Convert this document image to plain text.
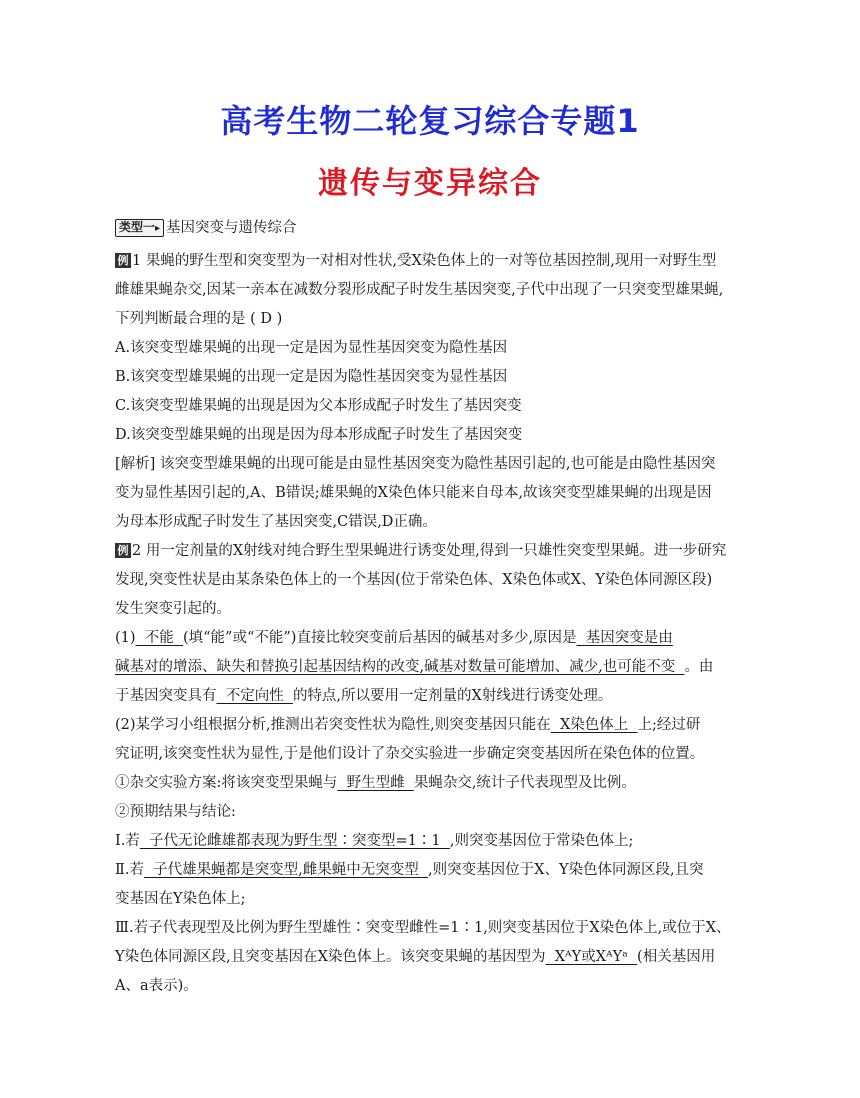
高考生物二轮复习综合专题1
遗传与变异综合
类型一▸ 基因突变与遗传综合
例 1 果蝇的野生型和突变型为一对相对性状,受X染色体上的一对等位基因控制,现用一对野生型
雌雄果蝇杂交,因某一亲本在减数分裂形成配子时发生基因突变,子代中出现了一只突变型雄果蝇,
下列判断最合理的是 ( D )
A.该突变型雄果蝇的出现一定是因为显性基因突变为隐性基因
B.该突变型雄果蝇的出现一定是因为隐性基因突变为显性基因
C.该突变型雄果蝇的出现是因为父本形成配子时发生了基因突变
D.该突变型雄果蝇的出现是因为母本形成配子时发生了基因突变
[解析] 该突变型雄果蝇的出现可能是由显性基因突变为隐性基因引起的,也可能是由隐性基因突
变为显性基因引起的,A、B错误;雄果蝇的X染色体只能来自母本,故该突变型雄果蝇的出现是因
为母本形成配子时发生了基因突变,C错误,D正确。
例 2 用一定剂量的X射线对纯合野生型果蝇进行诱变处理,得到一只雄性突变型果蝇。进一步研究
发现,突变性状是由某条染色体上的一个基因(位于常染色体、X染色体或X、Y染色体同源区段)
发生突变引起的。
(1)  不能  (填“能”或“不能”)直接比较突变前后基因的碱基对多少,原因是  基因突变是由
碱基对的增添、缺失和替换引起基因结构的改变,碱基对数量可能增加、减少,也可能不变  。由
于基因突变具有  不定向性  的特点,所以要用一定剂量的X射线进行诱变处理。
(2)某学习小组根据分析,推测出若突变性状为隐性,则突变基因只能在  X染色体上  上;经过研
究证明,该突变性状为显性,于是他们设计了杂交实验进一步确定突变基因所在染色体的位置。
①杂交实验方案:将该突变型果蝇与  野生型雌  果蝇杂交,统计子代表现型及比例。
②预期结果与结论:
Ⅰ.若  子代无论雌雄都表现为野生型∶突变型=1∶1  ,则突变基因位于常染色体上;
Ⅱ.若  子代雄果蝇都是突变型,雌果蝇中无突变型  ,则突变基因位于X、Y染色体同源区段,且突
变基因在Y染色体上;
Ⅲ.若子代表现型及比例为野生型雄性∶突变型雌性=1∶1,则突变基因位于X染色体上,或位于X、
Y染色体同源区段,且突变基因在X染色体上。该突变果蝇的基因型为  XᴬY或XᴬYᵃ  (相关基因用
A、a表示)。
